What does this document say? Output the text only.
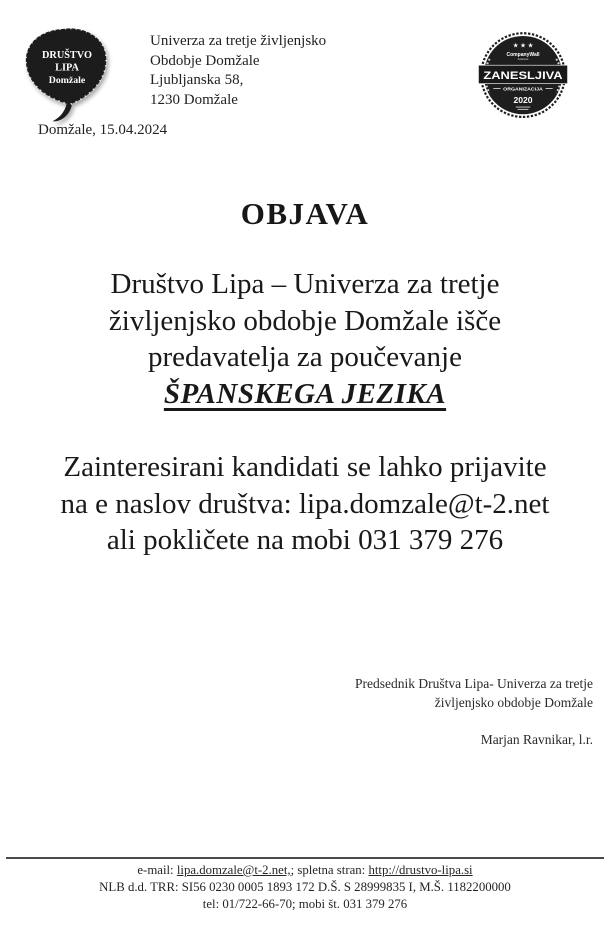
DRUŠTVO
LIPA
Domžale
Univerza za tretje življenjsko
Obdobje Domžale
Ljubljanska 58,
1230 Domžale
★ ★ ★
CompanyWall
business
ZANESLJIVA
ORGANIZACIJA
2020
Domžale, 15.04.2024
OBJAVA
Društvo Lipa – Univerza za tretje
življenjsko obdobje Domžale išče
predavatelja za poučevanje
ŠPANSKEGA JEZIKA
Zainteresirani kandidati se lahko prijavite
na e naslov društva: lipa.domzale@t-2.net
ali pokličete na mobi 031 379 276
Predsednik Društva Lipa- Univerza za tretje
življenjsko obdobje Domžale
Marjan Ravnikar, l.r.
e-mail: lipa.domzale@t-2.net,; spletna stran: http://drustvo-lipa.si
NLB d.d. TRR: SI56 0230 0005 1893 172 D.Š. S 28999835 I, M.Š. 1182200000
tel: 01/722-66-70; mobi št. 031 379 276
